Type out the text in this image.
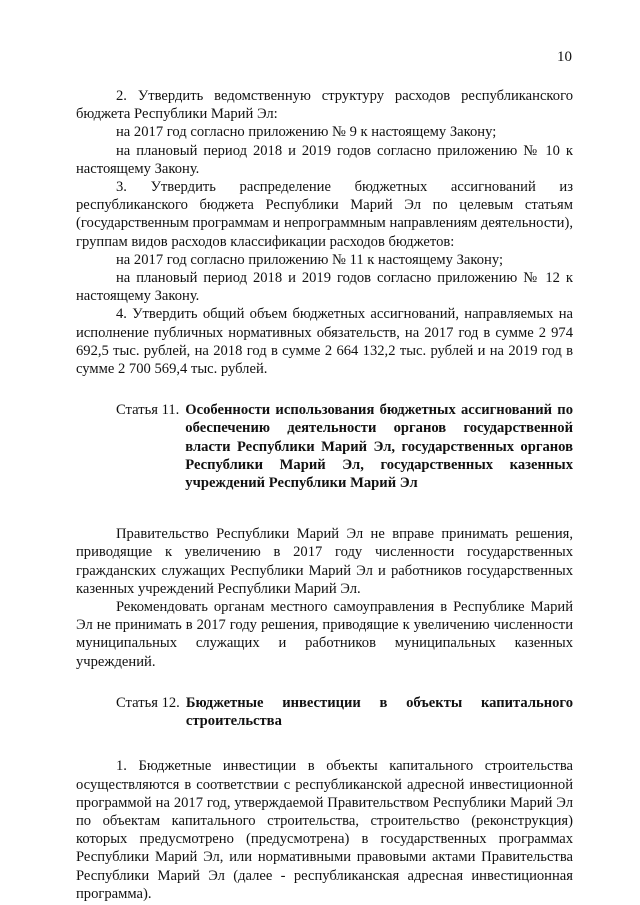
10

2. Утвердить ведомственную структуру расходов республиканского бюджета Республики Марий Эл:

на 2017 год согласно приложению № 9 к настоящему Закону;

на плановый период 2018 и 2019 годов согласно приложению № 10 к настоящему Закону.

3. Утвердить распределение бюджетных ассигнований из республиканского бюджета Республики Марий Эл по целевым статьям (государственным программам и непрограммным направлениям деятельности), группам видов расходов классификации расходов бюджетов:

на 2017 год согласно приложению № 11 к настоящему Закону;

на плановый период 2018 и 2019 годов согласно приложению № 12 к настоящему Закону.

4. Утвердить общий объем бюджетных ассигнований, направляемых на исполнение публичных нормативных обязательств, на 2017 год в сумме 2 974 692,5 тыс. рублей, на 2018 год в сумме 2 664 132,2 тыс. рублей и на 2019 год в сумме 2 700 569,4 тыс. рублей.

Статья 11. Особенности использования бюджетных ассигнований по обеспечению деятельности органов государственной власти Республики Марий Эл, государственных органов Республики Марий Эл, государственных казенных учреждений Республики Марий Эл

Правительство Республики Марий Эл не вправе принимать решения, приводящие к увеличению в 2017 году численности государственных гражданских служащих Республики Марий Эл и работников государственных казенных учреждений Республики Марий Эл.

Рекомендовать органам местного самоуправления в Республике Марий Эл не принимать в 2017 году решения, приводящие к увеличению численности муниципальных служащих и работников муниципальных казенных учреждений.

Статья 12. Бюджетные инвестиции в объекты капитального строительства

1. Бюджетные инвестиции в объекты капитального строительства осуществляются в соответствии с республиканской адресной инвестиционной программой на 2017 год, утверждаемой Правительством Республики Марий Эл по объектам капитального строительства, строительство (реконструкция) которых предусмотрено (предусмотрена) в государственных программах Республики Марий Эл, или нормативными правовыми актами Правительства Республики Марий Эл (далее - республиканская адресная инвестиционная программа).
